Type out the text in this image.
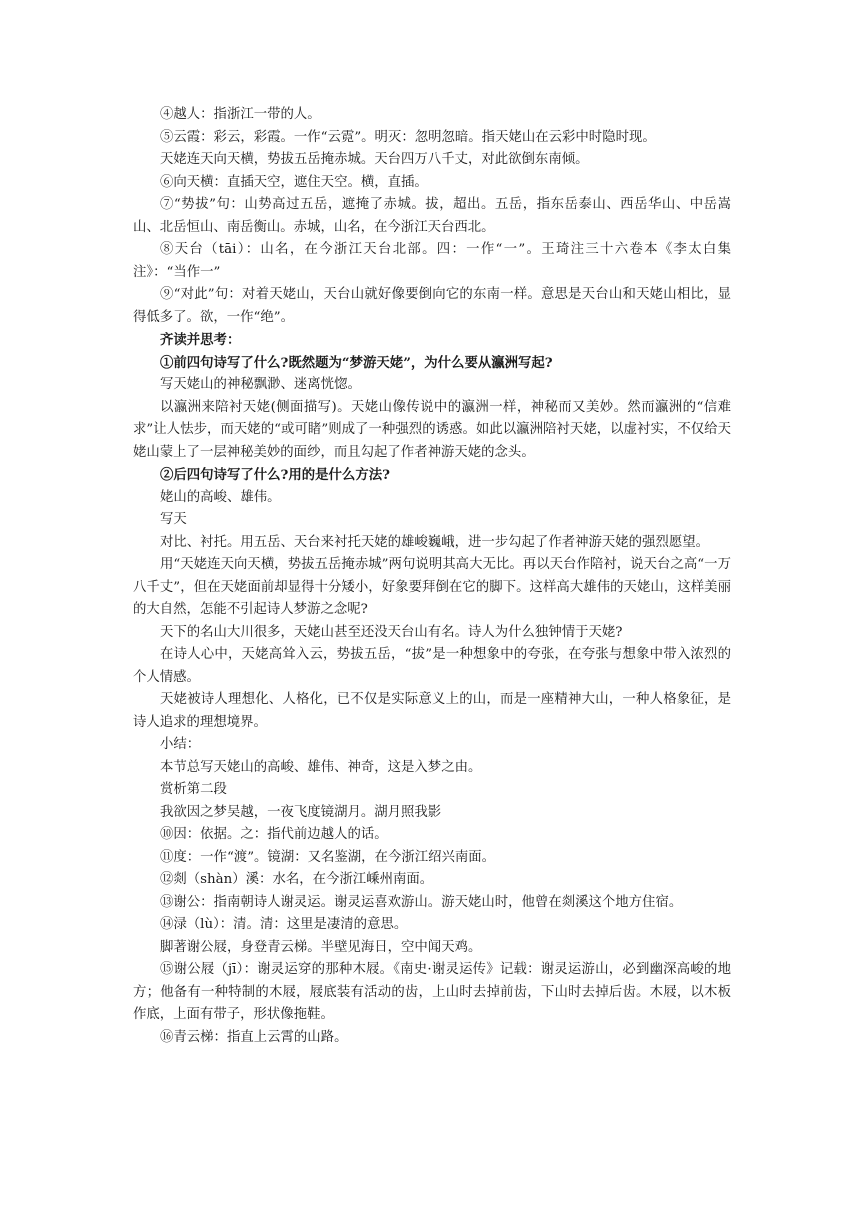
④越人：指浙江一带的人。

⑤云霞：彩云，彩霞。一作“云霓”。明灭：忽明忽暗。指天姥山在云彩中时隐时现。

天姥连天向天横，势拔五岳掩赤城。天台四万八千丈，对此欲倒东南倾。

⑥向天横：直插天空，遮住天空。横，直插。

⑦“势拔”句：山势高过五岳，遮掩了赤城。拔，超出。五岳，指东岳泰山、西岳华山、中岳嵩山、北岳恒山、南岳衡山。赤城，山名，在今浙江天台西北。

⑧天台（tāi）：山名，在今浙江天台北部。四：一作“一”。王琦注三十六卷本《李太白集注》：“当作一”

⑨“对此”句：对着天姥山，天台山就好像要倒向它的东南一样。意思是天台山和天姥山相比，显得低多了。欲，一作“绝”。

齐读并思考：

①前四句诗写了什么?既然题为“梦游天姥”，为什么要从瀛洲写起?

写天姥山的神秘飘渺、迷离恍惚。

以瀛洲来陪衬天姥(侧面描写)。天姥山像传说中的瀛洲一样，神秘而又美妙。然而瀛洲的“信难求”让人怯步，而天姥的“或可睹”则成了一种强烈的诱惑。如此以瀛洲陪衬天姥，以虚衬实，不仅给天姥山蒙上了一层神秘美妙的面纱，而且勾起了作者神游天姥的念头。

②后四句诗写了什么?用的是什么方法?

姥山的高峻、雄伟。

写天

对比、衬托。用五岳、天台来衬托天姥的雄峻巍峨，进一步勾起了作者神游天姥的强烈愿望。

用“天姥连天向天横，势拔五岳掩赤城”两句说明其高大无比。再以天台作陪衬，说天台之高“一万八千丈”，但在天姥面前却显得十分矮小，好象要拜倒在它的脚下。这样高大雄伟的天姥山，这样美丽的大自然，怎能不引起诗人梦游之念呢?

天下的名山大川很多，天姥山甚至还没天台山有名。诗人为什么独钟情于天姥?

在诗人心中，天姥高耸入云，势拔五岳，“拔”是一种想象中的夸张，在夸张与想象中带入浓烈的个人情感。

天姥被诗人理想化、人格化，已不仅是实际意义上的山，而是一座精神大山，一种人格象征，是诗人追求的理想境界。

小结：

本节总写天姥山的高峻、雄伟、神奇，这是入梦之由。

赏析第二段

我欲因之梦吴越，一夜飞度镜湖月。湖月照我影

⑩因：依据。之：指代前边越人的话。

⑪度：一作“渡”。镜湖：又名鉴湖，在今浙江绍兴南面。

⑫剡（shàn）溪：水名，在今浙江嵊州南面。

⑬谢公：指南朝诗人谢灵运。谢灵运喜欢游山。游天姥山时，他曾在剡溪这个地方住宿。

⑭渌（lù）：清。清：这里是凄清的意思。

脚著谢公屐，身登青云梯。半壁见海日，空中闻天鸡。

⑮谢公屐（jī）：谢灵运穿的那种木屐。《南史·谢灵运传》记载：谢灵运游山，必到幽深高峻的地方；他备有一种特制的木屐，屐底装有活动的齿，上山时去掉前齿，下山时去掉后齿。木屐，以木板作底，上面有带子，形状像拖鞋。

⑯青云梯：指直上云霄的山路。
